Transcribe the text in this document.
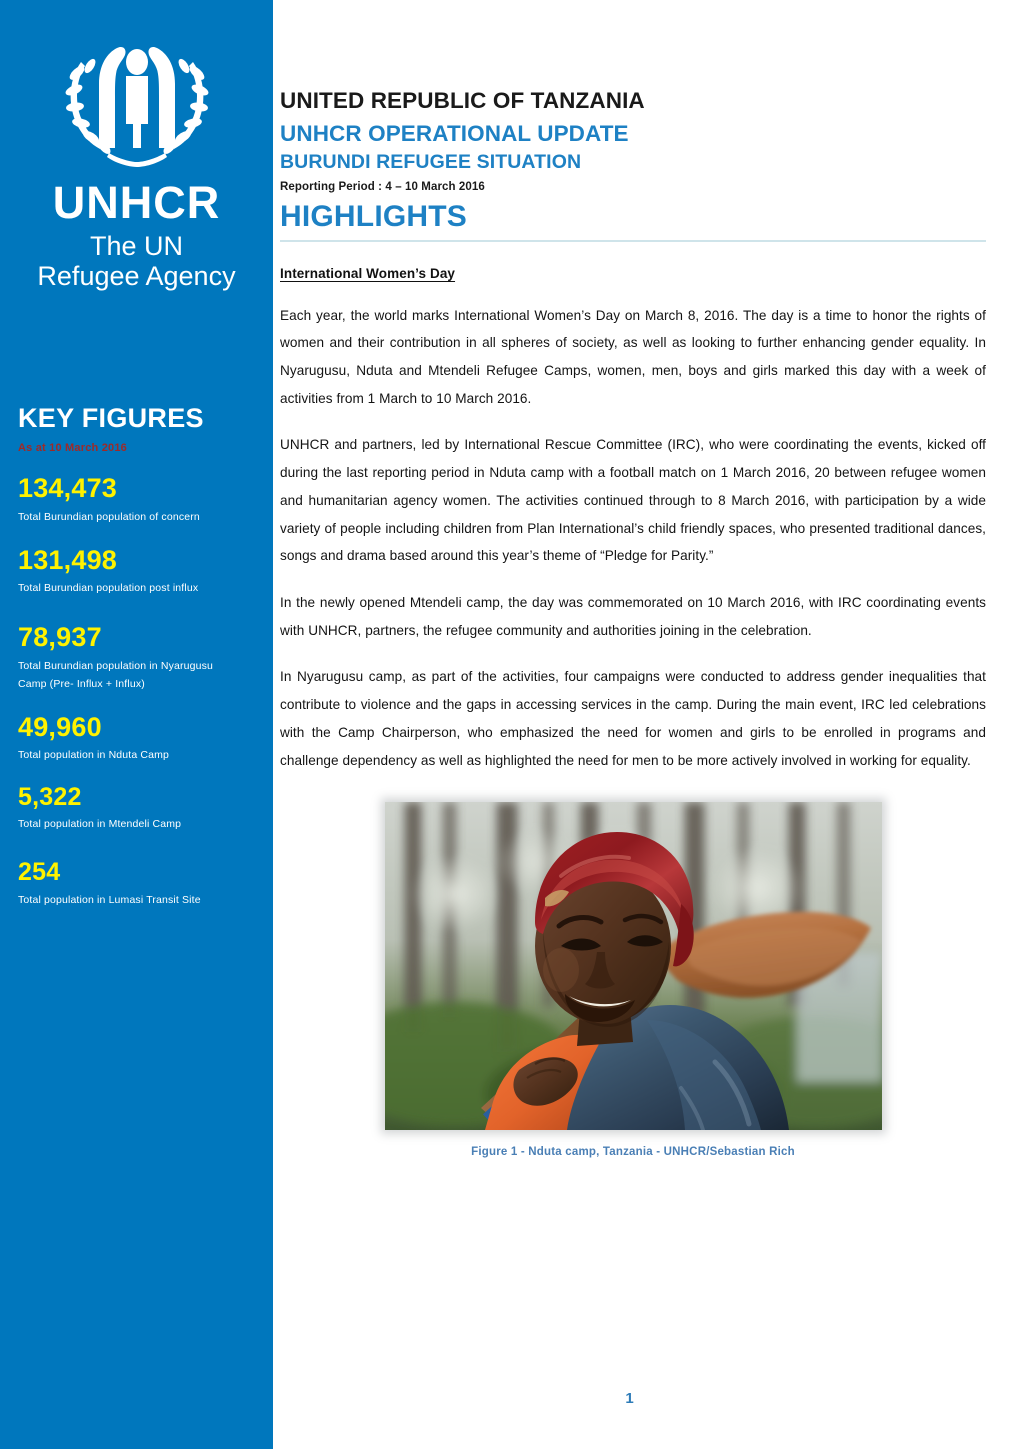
UNHCR
The UN
Refugee Agency
KEY FIGURES
As at 10 March 2016
134,473
Total Burundian population of concern
131,498
Total Burundian population post influx
78,937
Total Burundian population in Nyarugusu Camp (Pre- Influx + Influx)
49,960
Total population in Nduta Camp
5,322
Total population in Mtendeli Camp
254
Total population in Lumasi Transit Site
UNITED REPUBLIC OF TANZANIA
UNHCR OPERATIONAL UPDATE
BURUNDI REFUGEE SITUATION
Reporting Period : 4 – 10 March 2016
HIGHLIGHTS
International Women’s Day

Each year, the world marks International Women’s Day on March 8, 2016. The day is a time to honor the rights of women and their contribution in all spheres of society, as well as looking to further enhancing gender equality. In Nyarugusu, Nduta and Mtendeli Refugee Camps, women, men, boys and girls marked this day with a week of activities from 1 March to 10 March 2016.

UNHCR and partners, led by International Rescue Committee (IRC), who were coordinating the events, kicked off during the last reporting period in Nduta camp with a football match on 1 March 2016, 20 between refugee women and humanitarian agency women. The activities continued through to 8 March 2016, with participation by a wide variety of people including children from Plan International’s child friendly spaces, who presented traditional dances, songs and drama based around this year’s theme of “Pledge for Parity.”

In the newly opened Mtendeli camp, the day was commemorated on 10 March 2016, with IRC coordinating events with UNHCR, partners, the refugee community and authorities joining in the celebration.

In Nyarugusu camp, as part of the activities, four campaigns were conducted to address gender inequalities that contribute to violence and the gaps in accessing services in the camp. During the main event, IRC led celebrations with the Camp Chairperson, who emphasized the need for women and girls to be enrolled in programs and challenge dependency as well as highlighted the need for men to be more actively involved in working for equality.

Figure 1 - Nduta camp, Tanzania - UNHCR/Sebastian Rich
1
